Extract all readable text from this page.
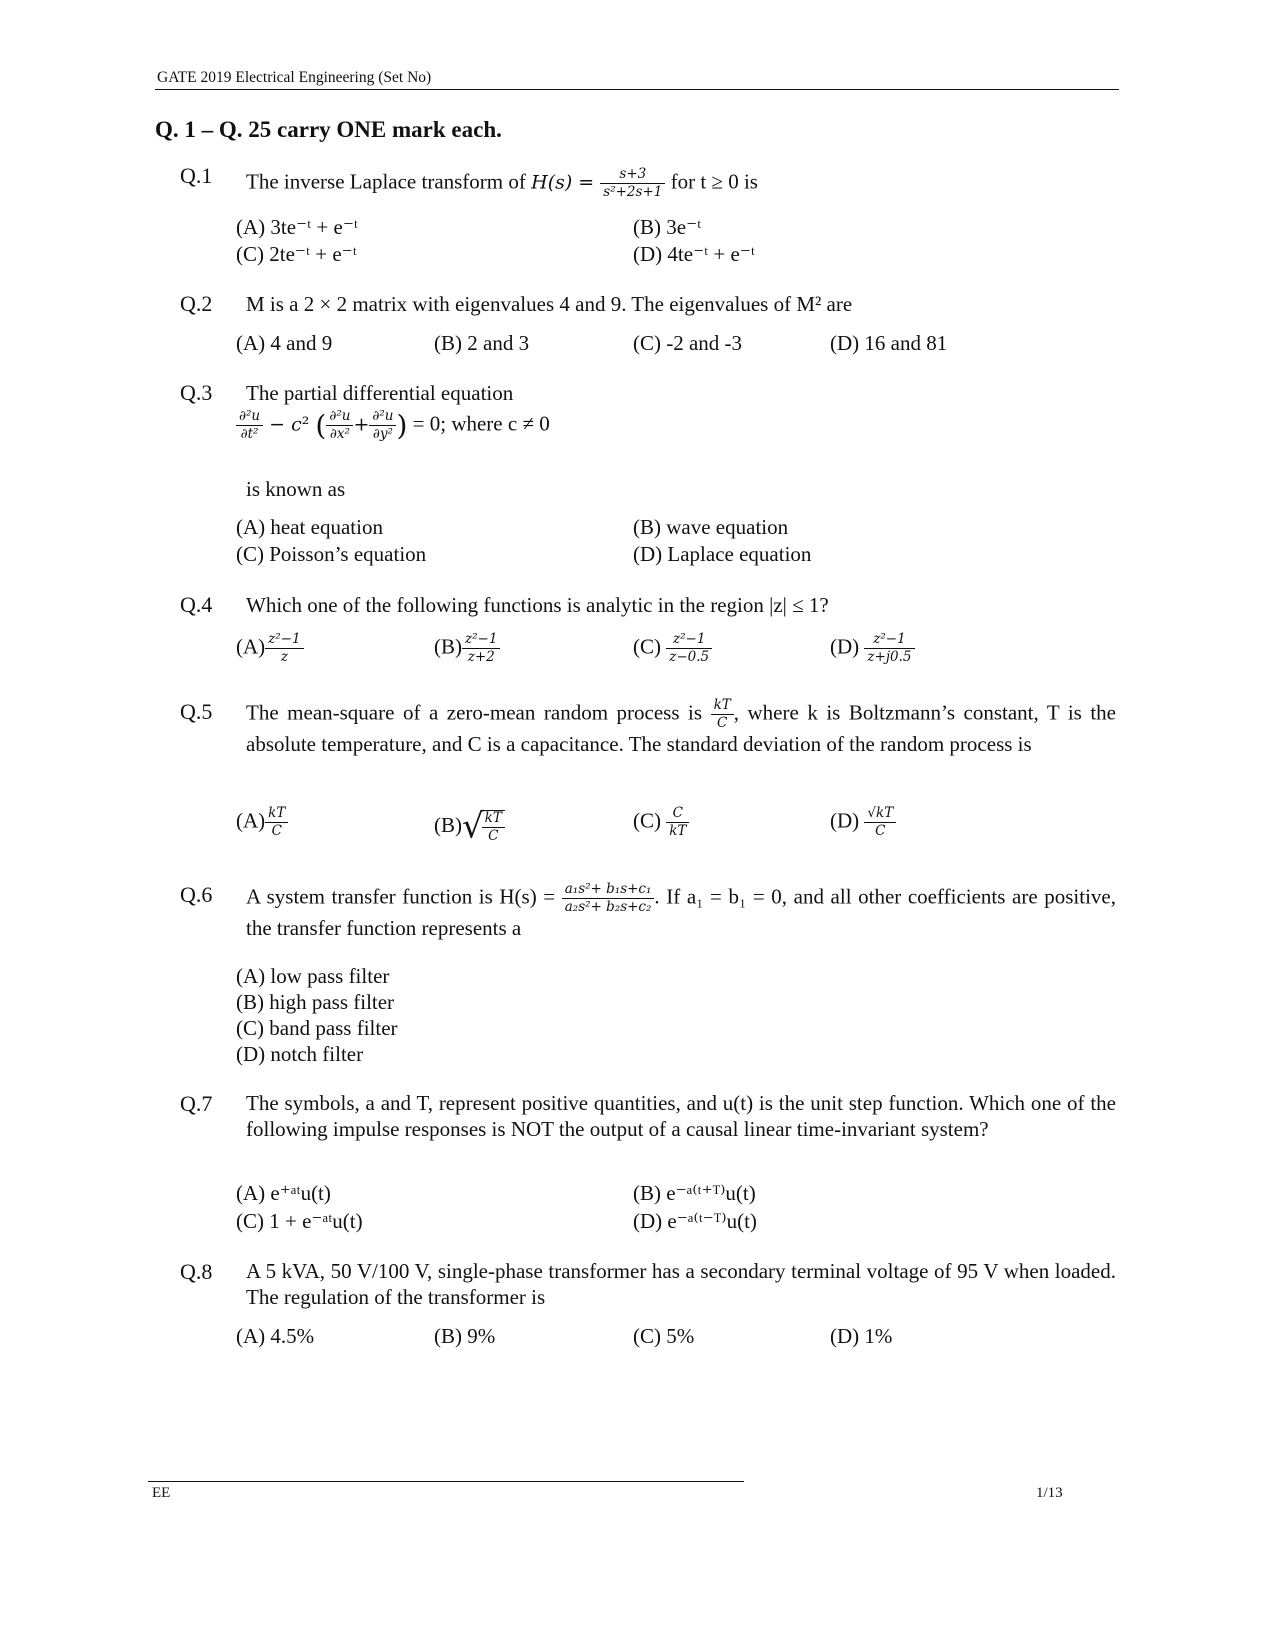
GATE 2019 Electrical Engineering (Set No)
Q. 1 – Q. 25 carry ONE mark each.
Q.1 The inverse Laplace transform of $H(s) = \frac{s+3}{\text{s²+2s+1}}$ for t ≥ 0 is
(A) 3te⁻ᵗ + e⁻ᵗ	(B) 3e⁻ᵗ
(C) 2te⁻ᵗ + e⁻ᵗ	(D) 4te⁻ᵗ + e⁻ᵗ
Q.2 M is a 2 × 2 matrix with eigenvalues 4 and 9. The eigenvalues of M² are
(A) 4 and 9	(B) 2 and 3	(C) -2 and -3	(D) 16 and 81
Q.3 The partial differential equation
$\frac{\text{∂²u}}{\text{∂t²}} - c^2$ ( $\frac{\text{∂²u}}{\text{∂x²}} + \frac{\text{∂²u}}{\text{∂y²}}$ ) = 0; where c ≠ 0
is known as
(A) heat equation	(B) wave equation
(C) Poisson’s equation	(D) Laplace equation
Q.4 Which one of the following functions is analytic in the region |z| ≤ 1?
$(A) \frac{\text{z²−1}}{z}$	$(B) \frac{\text{z²−1}}{z+2}$	$(C) \frac{\text{z²−1}}{z-0.5}$	$(D) \frac{\text{z²−1}}{z+j0.5}$
Q.5 The mean-square of a zero-mean random process is $\frac{kT}{C}$ , where k is Boltzmann’s constant, T is the absolute temperature, and C is a capacitance. The standard deviation of the random process is
$(A) \frac{kT}{C}$	(B)√
$\frac{kT}{C}$	$(C) \frac{C}{kT}$	$(D) \frac{√kT}{C}$
Q.6 A system transfer function is $H(s) = \frac{\text{a₁s²+ b₁s+c₁}}{\text{a₂s²+ b₂s+c₂}}$ . If a₁ = b₁ = 0, and all other coefficients are positive, the transfer function represents a
(A) low pass filter
(B) high pass filter
(C) band pass filter
(D) notch filter
Q.7 The symbols, a and T, represent positive quantities, and u(t) is the unit step function. Which one of the following impulse responses is NOT the output of a causal linear time-invariant system?
(A) e⁺ᵃᵗu(t)	(B) e⁻ᵃ⁽ᵗ⁺ᵀ⁾u(t)
(C) 1 + e⁻ᵃᵗu(t)	(D) e⁻ᵃ⁽ᵗ⁻ᵀ⁾u(t)
Q.8 A 5 kVA, 50 V/100 V, single-phase transformer has a secondary terminal voltage of 95 V when loaded. The regulation of the transformer is
(A) 4.5%	(B) 9%	(C) 5%	(D) 1%
EE	1/13
